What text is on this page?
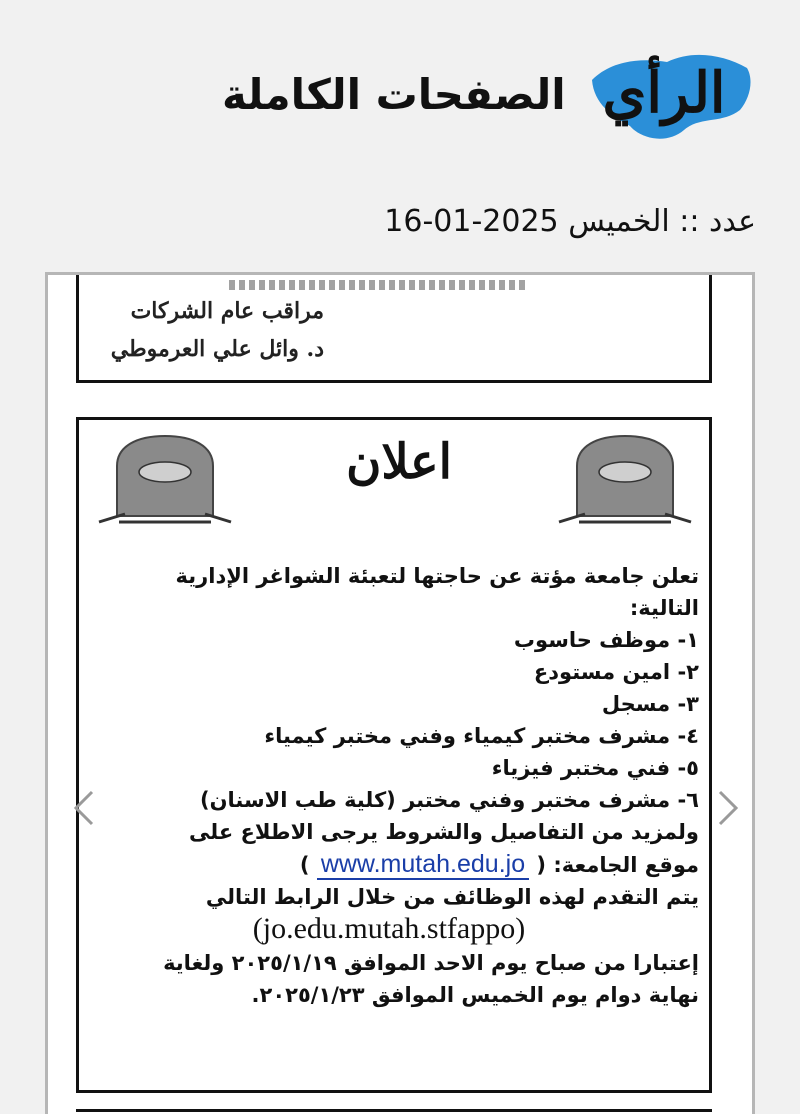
الرأي
الصفحات الكاملة
عدد :: الخميس 2025-01-16
مراقب عام الشركات
د. وائل علي العرموطي
اعلان
تعلن جامعة مؤتة عن حاجتها لتعبئة الشواغر الإدارية
التالية:
١- موظف حاسوب
٢- امين مستودع
٣- مسجل
٤- مشرف مختبر كيمياء وفني مختبر كيمياء
٥- فني مختبر فيزياء
٦- مشرف مختبر وفني مختبر (كلية طب الاسنان)
ولمزيد من التفاصيل والشروط يرجى الاطلاع على
موقع الجامعة: ( www.mutah.edu.jo )
يتم التقدم لهذه الوظائف من خلال الرابط التالي
(jo.edu.mutah.stfappo)
إعتبارا من صباح يوم الاحد الموافق ٢٠٢٥/١/١٩ ولغاية
نهاية دوام يوم الخميس الموافق ٢٠٢٥/١/٢٣.
